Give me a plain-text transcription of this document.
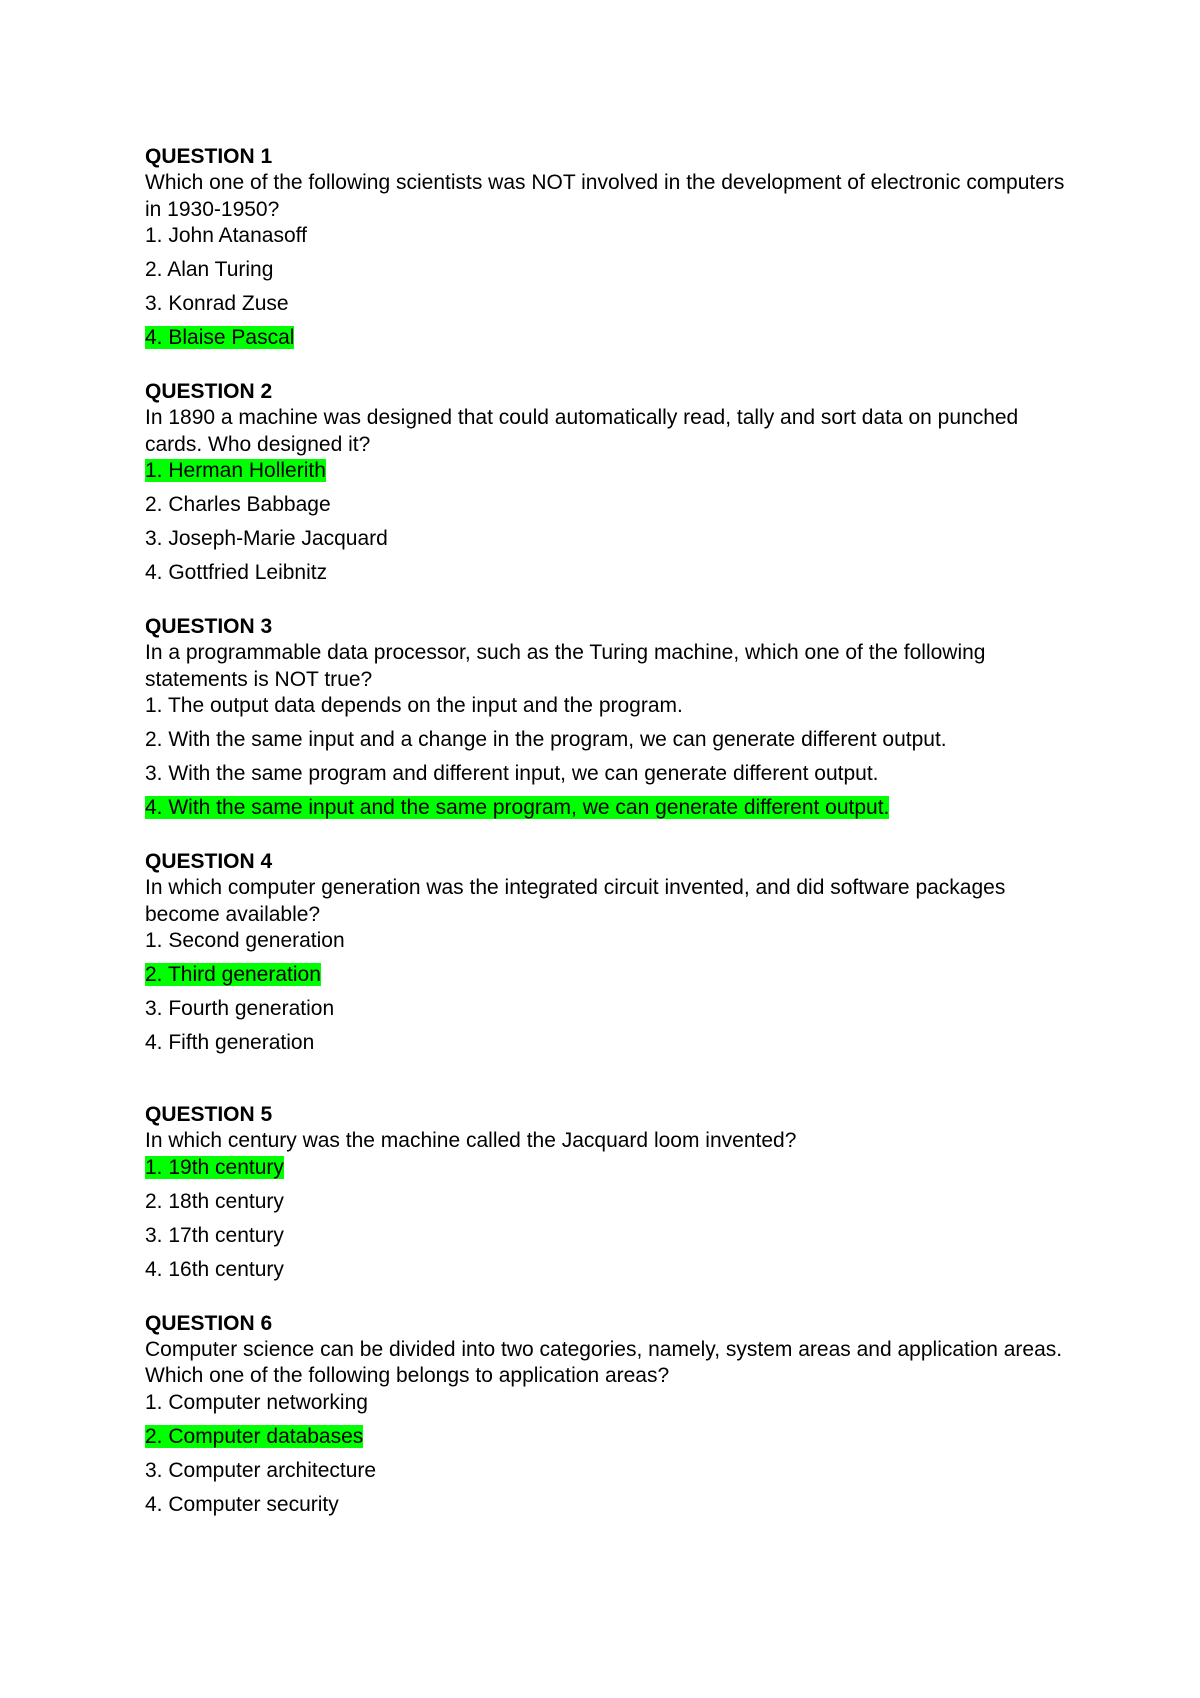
QUESTION 1

Which one of the following scientists was NOT involved in the development of electronic computers in 1930-1950?

1. John Atanasoff
2. Alan Turing
3. Konrad Zuse
4. Blaise Pascal
QUESTION 2

In 1890 a machine was designed that could automatically read, tally and sort data on punched cards. Who designed it?

1. Herman Hollerith
2. Charles Babbage
3. Joseph-Marie Jacquard
4. Gottfried Leibnitz
QUESTION 3

In a programmable data processor, such as the Turing machine, which one of the following statements is NOT true?

1. The output data depends on the input and the program.
2. With the same input and a change in the program, we can generate different output.
3. With the same program and different input, we can generate different output.
4. With the same input and the same program, we can generate different output.
QUESTION 4

In which computer generation was the integrated circuit invented, and did software packages become available?

1. Second generation
2. Third generation
3. Fourth generation
4. Fifth generation
QUESTION 5

In which century was the machine called the Jacquard loom invented?

1. 19th century
2. 18th century
3. 17th century
4. 16th century
QUESTION 6

Computer science can be divided into two categories, namely, system areas and application areas. Which one of the following belongs to application areas?

1. Computer networking
2. Computer databases
3. Computer architecture
4. Computer security
